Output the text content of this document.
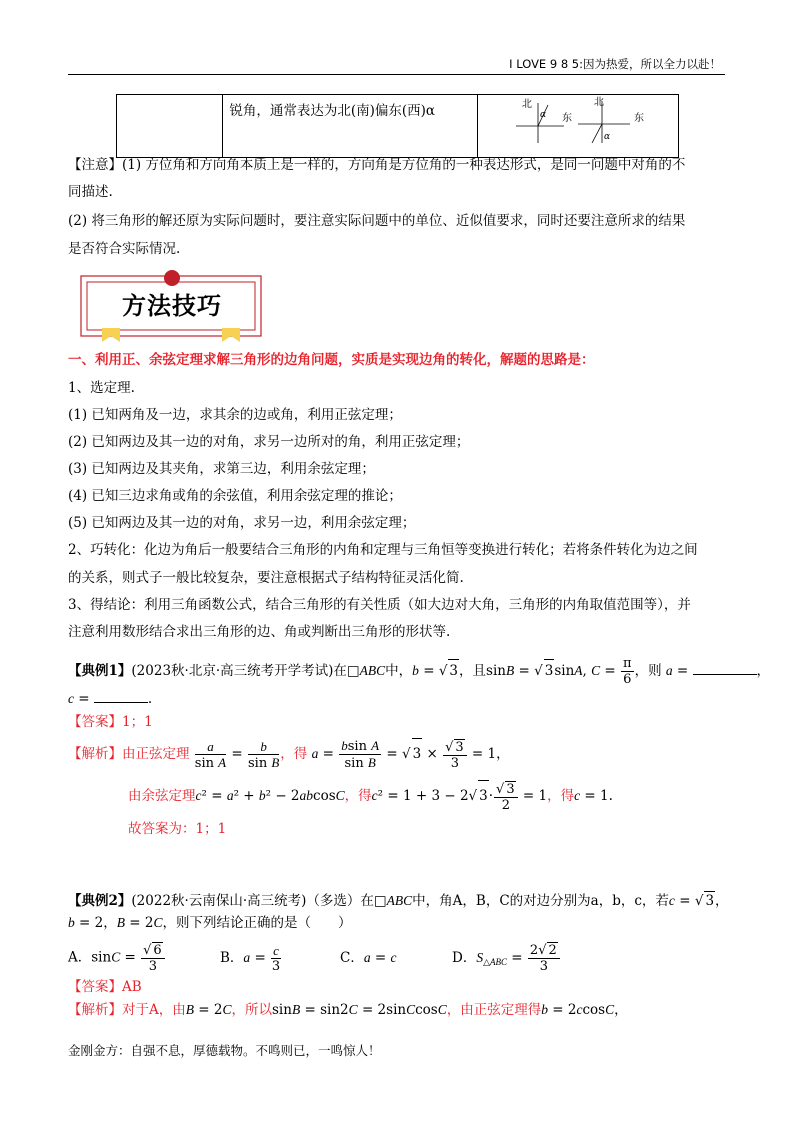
I LOVE 9 8 5:因为热爱，所以全力以赴！

锐角，通常表达为北(南)偏东(西)α	北
东
α
北
东
α
【注意】(1) 方位角和方向角本质上是一样的，方向角是方位角的一种表达形式，是同一问题中对角的不
同描述.
(2) 将三角形的解还原为实际问题时，要注意实际问题中的单位、近似值要求，同时还要注意所求的结果
是否符合实际情况.
方法技巧
一、利用正、余弦定理求解三角形的边角问题，实质是实现边角的转化，解题的思路是：
1、选定理.
(1) 已知两角及一边，求其余的边或角，利用正弦定理；
(2) 已知两边及其一边的对角，求另一边所对的角，利用正弦定理；
(3) 已知两边及其夹角，求第三边，利用余弦定理；
(4) 已知三边求角或角的余弦值，利用余弦定理的推论；
(5) 已知两边及其一边的对角，求另一边，利用余弦定理；
2、巧转化：化边为角后一般要结合三角形的内角和定理与三角恒等变换进行转化；若将条件转化为边之间
的关系，则式子一般比较复杂，要注意根据式子结构特征灵活化简.
3、得结论：利用三角函数公式，结合三角形的有关性质（如大边对大角，三角形的内角取值范围等），并
注意利用数形结合求出三角形的边、角或判断出三角形的形状等.
【典例1】(2023秋·北京·高三统考开学考试)在□ABC中，b = √ 3，且sinB = √ 3sinA, $C = \frac{\pi}{6}$ ，则 a =	，
c =	.
【答案】1；1
【解析】由正弦定理 $\frac{a}{\text{sin A}} = \frac{b}{\text{sin B}}$ ，得 $a = \frac{\text{bsin A}}{\text{sin B}}$ = √ $3 \times \frac{√ 3}{3} = 1$，
由余弦定理c² = a² + b² − 2abcosC，得c² = 1 + 3 − 2√ $3\cdot \frac{√ 3}{2} = 1$，得c = 1.
故答案为：1；1
【典例2】(2022秋·云南保山·高三统考)（多选）在□ABC中，角A，B，C的对边分别为a，b，c，若c = √ 3，
b = 2，B = 2C，则下列结论正确的是（　　）
A．$\sin C = \frac{√ 6}{3}$	B．$a = \frac{c}{3}$	C．a = c	D．$S_{\triangle ABC} = \frac{2√ 2}{3}$
【答案】AB
【解析】对于A，由B = 2C，所以sinB = sin2C = 2sinCcosC，由正弦定理得b = 2ccosC，
金刚金方：自强不息，厚德载物。不鸣则已，一鸣惊人！
